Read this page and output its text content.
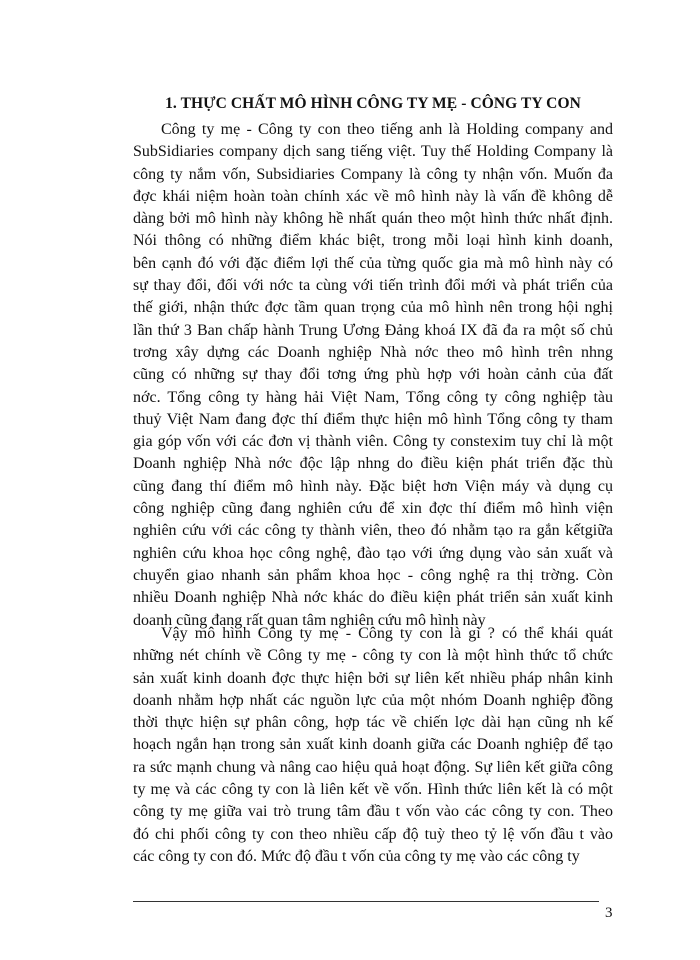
1. THỰC CHẤT MÔ HÌNH CÔNG TY MẸ - CÔNG TY CON
Công ty mẹ - Công ty con theo tiếng anh là Holding company and
SubSidiaries company dịch sang tiếng việt. Tuy thế Holding Company là
công ty nắm vốn, Subsidiaries Company là công ty nhận vốn. Muốn đa
đợc khái niệm hoàn toàn chính xác về mô hình này là vấn đề không dễ
dàng bởi mô hình này không hề nhất quán theo một hình thức nhất định.
Nói thông có những điểm khác biệt, trong mỗi loại hình kinh doanh,
bên cạnh đó với đặc điểm lợi thế của từng quốc gia mà mô hình này có
sự thay đổi, đối với nớc ta cùng với tiến trình đổi mới và phát triển của
thế giới, nhận thức đợc tầm quan trọng của mô hình nên trong hội nghị
lần thứ 3 Ban chấp hành Trung Ương Đảng khoá IX đã đa ra một số chủ
trơng xây dựng các Doanh nghiệp Nhà nớc theo mô hình trên nhng
cũng có những sự thay đổi tơng ứng phù hợp với hoàn cảnh của đất
nớc. Tổng công ty hàng hải Việt Nam, Tổng công ty công nghiệp tàu
thuỷ Việt Nam đang đợc thí điểm thực hiện mô hình Tổng công ty tham
gia góp vốn với các đơn vị thành viên. Công ty constexim tuy chỉ là một
Doanh nghiệp Nhà nớc độc lập nhng do điều kiện phát triển đặc thù
cũng đang thí điểm mô hình này. Đặc biệt hơn Viện máy và dụng cụ
công nghiệp cũng đang nghiên cứu để xin đợc thí điểm mô hình viện
nghiên cứu với các công ty thành viên, theo đó nhằm tạo ra gắn kếtgiữa
nghiên cứu khoa học công nghệ, đào tạo với ứng dụng vào sản xuất và
chuyển giao nhanh sản phẩm khoa học - công nghệ ra thị trờng. Còn
nhiều Doanh nghiệp Nhà nớc khác do điều kiện phát triển sản xuất kinh
doanh cũng đang rất quan tâm nghiên cứu mô hình này
Vậy mô hình Công ty mẹ - Công ty con là gì ? có thể khái quát
những nét chính về Công ty mẹ - công ty con là một hình thức tổ chức
sản xuất kinh doanh đợc thực hiện bởi sự liên kết nhiều pháp nhân kinh
doanh nhằm hợp nhất các nguồn lực của một nhóm Doanh nghiệp đồng
thời thực hiện sự phân công, hợp tác về chiến lợc dài hạn cũng nh kế
hoạch ngắn hạn trong sản xuất kinh doanh giữa các Doanh nghiệp để tạo
ra sức mạnh chung và nâng cao hiệu quả hoạt động. Sự liên kết giữa công
ty mẹ và các công ty con là liên kết về vốn. Hình thức liên kết là có một
công ty mẹ giữa vai trò trung tâm đầu t vốn vào các công ty con. Theo
đó chi phối công ty con theo nhiều cấp độ tuỳ theo tỷ lệ vốn đầu t vào
các công ty con đó. Mức độ đầu t vốn của công ty mẹ vào các công ty
3
